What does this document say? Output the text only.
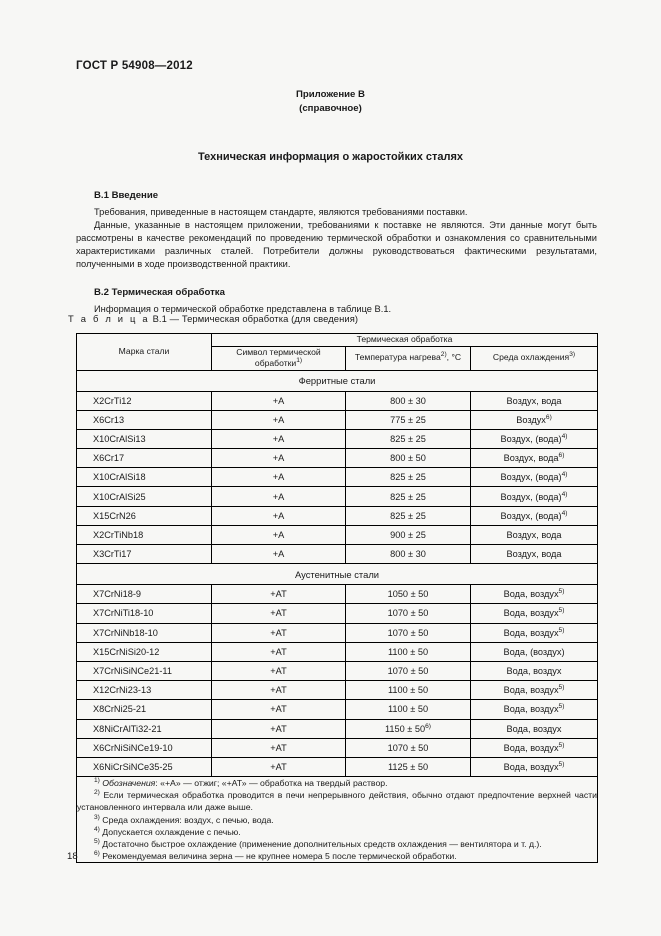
ГОСТ Р 54908—2012
Приложение В
(справочное)
Техническая информация о жаростойких сталях
В.1 Введение

Требования, приведенные в настоящем стандарте, являются требованиями поставки.

Данные, указанные в настоящем приложении, требованиями к поставке не являются. Эти данные могут быть рассмотрены в качестве рекомендаций по проведению термической обработки и ознакомления со сравнительными характеристиками различных сталей. Потребители должны руководствоваться фактическими результатами, полученными в ходе производственной практики.

В.2 Термическая обработка

Информация о термической обработке представлена в таблице В.1.

Т а б л и ц а В.1 — Термическая обработка (для сведения)
Марка стали	Термическая обработка		
	Символ термической обработки$^{1)}$	Температура нагрева$^{2)}$, °С	Среда охлаждения$^{3)}$
Ферритные стали			
X2CrTi12	+A	800 ± 30	Воздух, вода
X6Cr13	+A	775 ± 25	Воздух$^{6)}$
X10CrAlSi13	+A	825 ± 25	Воздух, (вода)$^{4)}$
X6Cr17	+A	800 ± 50	Воздух, вода$^{6)}$
X10CrAlSi18	+A	825 ± 25	Воздух, (вода)$^{4)}$
X10CrAlSi25	+A	825 ± 25	Воздух, (вода)$^{4)}$
X15CrN26	+A	825 ± 25	Воздух, (вода)$^{4)}$
X2CrTiNb18	+A	900 ± 25	Воздух, вода
X3CrTi17	+A	800 ± 30	Воздух, вода
Аустенитные стали			
X7CrNi18-9	+AT	1050 ± 50	Вода, воздух$^{5)}$
X7CrNiTi18-10	+AT	1070 ± 50	Вода, воздух$^{5)}$
X7CrNiNb18-10	+AT	1070 ± 50	Вода, воздух$^{5)}$
X15CrNiSi20-12	+AT	1100 ± 50	Вода, (воздух)
X7CrNiSiNCe21-11	+AT	1070 ± 50	Вода, воздух
X12CrNi23-13	+AT	1100 ± 50	Вода, воздух$^{5)}$
X8CrNi25-21	+AT	1100 ± 50	Вода, воздух$^{5)}$
X8NiCrAlTi32-21	+AT	$1150 \pm 50^{6)}$	Вода, воздух
X6CrNiSiNCe19-10	+AT	1070 ± 50	Вода, воздух$^{5)}$
X6NiCrSiNCe35-25	+AT	1125 ± 50	Вода, воздух$^{5)}$

$^{1)}$ Обозначения: «+А» — отжиг; «+АТ» — обработка на твердый раствор.
$^{2)}$ Если термическая обработка проводится в печи непрерывного действия, обычно отдают предпочтение верхней части установленного интервала или даже выше.
$^{3)}$ Среда охлаждения: воздух, с печью, вода.
$^{4)}$ Допускается охлаждение с печью.
$^{5)}$ Достаточно быстрое охлаждение (применение дополнительных средств охлаждения — вентилятора и т. д.).
$^{6)}$ Рекомендуемая величина зерна — не крупнее номера 5 после термической обработки.
18
